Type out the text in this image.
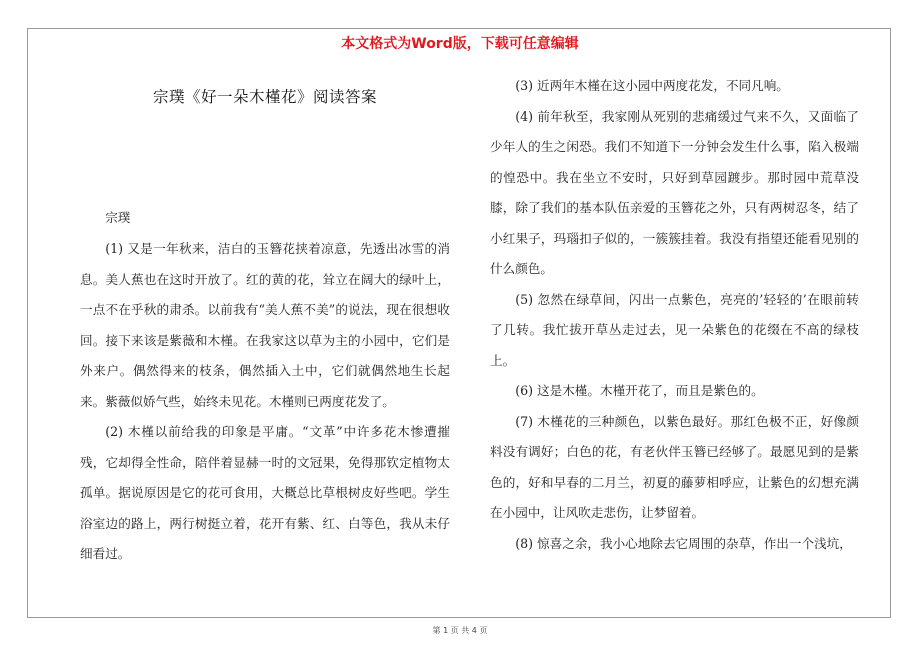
本文格式为Word版，下载可任意编辑
宗璞《好一朵木槿花》阅读答案
宗璞

(1) 又是一年秋来，洁白的玉簪花挟着凉意，先透出冰雪的消息。美人蕉也在这时开放了。红的黄的花，耸立在阔大的绿叶上，一点不在乎秋的肃杀。以前我有“美人蕉不美”的说法，现在很想收回。接下来该是紫薇和木槿。在我家这以草为主的小园中，它们是外来户。偶然得来的枝条，偶然插入土中，它们就偶然地生长起来。紫薇似娇气些，始终未见花。木槿则已两度花发了。

(2) 木槿以前给我的印象是平庸。“文革”中许多花木惨遭摧残，它却得全性命，陪伴着显赫一时的文冠果，免得那钦定植物太孤单。据说原因是它的花可食用，大概总比草根树皮好些吧。学生浴室边的路上，两行树挺立着，花开有紫、红、白等色，我从未仔细看过。

(3) 近两年木槿在这小园中两度花发，不同凡响。

(4) 前年秋至，我家刚从死别的悲痛缓过气来不久，又面临了少年人的生之闲恐。我们不知道下一分钟会发生什么事，陷入极端的惶恐中。我在坐立不安时，只好到草园踱步。那时园中荒草没膝，除了我们的基本队伍亲爱的玉簪花之外，只有两树忍冬，结了小红果子，玛瑙扣子似的，一簇簇挂着。我没有指望还能看见别的什么颜色。

(5) 忽然在绿草间，闪出一点紫色，亮亮的’轻轻的’在眼前转了几转。我忙拔开草丛走过去，见一朵紫色的花缀在不高的绿枝上。

(6) 这是木槿。木槿开花了，而且是紫色的。

(7) 木槿花的三种颜色，以紫色最好。那红色极不正，好像颜料没有调好；白色的花，有老伙伴玉簪已经够了。最愿见到的是紫色的，好和早春的二月兰，初夏的藤萝相呼应，让紫色的幻想充满在小园中，让风吹走悲伤，让梦留着。

(8) 惊喜之余，我小心地除去它周围的杂草，作出一个浅坑，

第 1 页 共 4 页
